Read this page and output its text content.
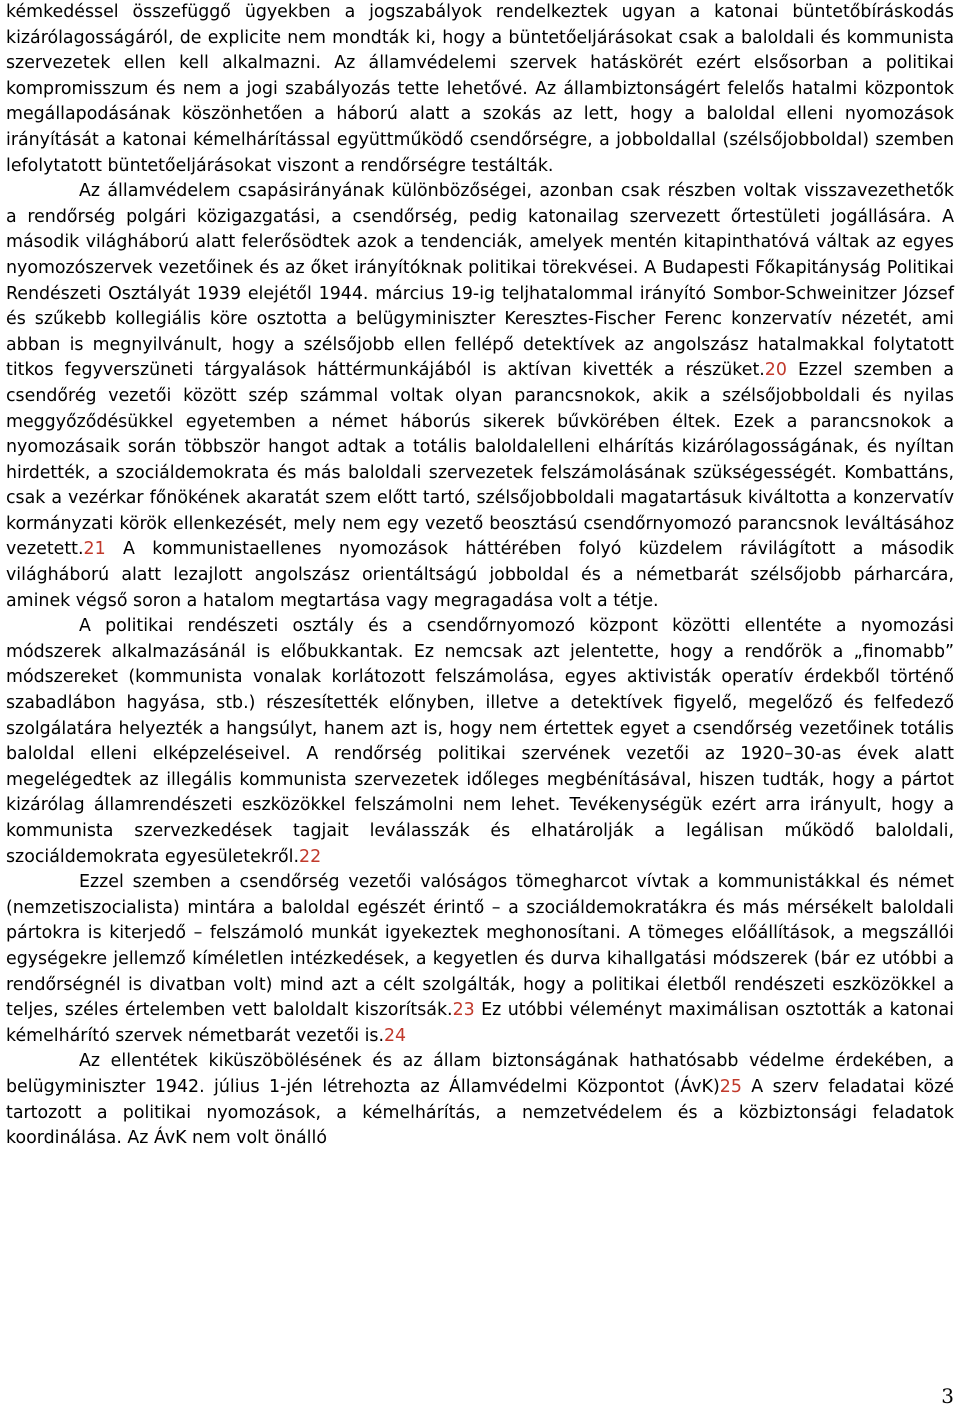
kémkedéssel összefüggő ügyekben a jogszabályok rendelkeztek ugyan a katonai büntetőbíráskodás kizárólagosságáról, de explicite nem mondták ki, hogy a büntetőeljárásokat csak a baloldali és kommunista szervezetek ellen kell alkalmazni. Az államvédelemi szervek hatáskörét ezért elsősorban a politikai kompromisszum és nem a jogi szabályozás tette lehetővé. Az állambiztonságért felelős hatalmi központok megállapodásának köszönhetően a háború alatt a szokás az lett, hogy a baloldal elleni nyomozások irányítását a katonai kémelhárítással együttműködő csendőrségre, a jobboldallal (szélsőjobboldal) szemben lefolytatott büntetőeljárásokat viszont a rendőrségre testálták.

Az államvédelem csapásirányának különbözőségei, azonban csak részben voltak visszavezethetők a rendőrség polgári közigazgatási, a csendőrség, pedig katonailag szervezett őrtestületi jogállására. A második világháború alatt felerősödtek azok a tendenciák, amelyek mentén kitapinthatóvá váltak az egyes nyomozószervek vezetőinek és az őket irányítóknak politikai törekvései. A Budapesti Főkapitányság Politikai Rendészeti Osztályát 1939 elejétől 1944. március 19-ig teljhatalommal irányító Sombor-Schweinitzer József és szűkebb kollegiális köre osztotta a belügyminiszter Keresztes-Fischer Ferenc konzervatív nézetét, ami abban is megnyilvánult, hogy a szélsőjobb ellen fellépő detektívek az angolszász hatalmakkal folytatott titkos fegyverszüneti tárgyalások háttérmunkájából is aktívan kivették a részüket.20 Ezzel szemben a csendőrég vezetői között szép számmal voltak olyan parancsnokok, akik a szélsőjobboldali és nyilas meggyőződésükkel egyetemben a német háborús sikerek bűvkörében éltek. Ezek a parancsnokok a nyomozásaik során többször hangot adtak a totális baloldalelleni elhárítás kizárólagosságának, és nyíltan hirdették, a szociáldemokrata és más baloldali szervezetek felszámolásának szükségességét. Kombattáns, csak a vezérkar főnökének akaratát szem előtt tartó, szélsőjobboldali magatartásuk kiváltotta a konzervatív kormányzati körök ellenkezését, mely nem egy vezető beosztású csendőrnyomozó parancsnok leváltásához vezetett.21 A kommunistaellenes nyomozások háttérében folyó küzdelem rávilágított a második világháború alatt lezajlott angolszász orientáltságú jobboldal és a németbarát szélsőjobb párharcára, aminek végső soron a hatalom megtartása vagy megragadása volt a tétje.

A politikai rendészeti osztály és a csendőrnyomozó központ közötti ellentéte a nyomozási módszerek alkalmazásánál is előbukkantak. Ez nemcsak azt jelentette, hogy a rendőrök a „finomabb” módszereket (kommunista vonalak korlátozott felszámolása, egyes aktivisták operatív érdekből történő szabadlábon hagyása, stb.) részesítették előnyben, illetve a detektívek figyelő, megelőző és felfedező szolgálatára helyezték a hangsúlyt, hanem azt is, hogy nem értettek egyet a csendőrség vezetőinek totális baloldal elleni elképzeléseivel. A rendőrség politikai szervének vezetői az 1920–30-as évek alatt megelégedtek az illegális kommunista szervezetek időleges megbénításával, hiszen tudták, hogy a pártot kizárólag államrendészeti eszközökkel felszámolni nem lehet. Tevékenységük ezért arra irányult, hogy a kommunista szervezkedések tagjait leválasszák és elhatárolják a legálisan működő baloldali, szociáldemokrata egyesületekről.22

Ezzel szemben a csendőrség vezetői valóságos tömegharcot vívtak a kommunistákkal és német (nemzetiszocialista) mintára a baloldal egészét érintő – a szociáldemokratákra és más mérsékelt baloldali pártokra is kiterjedő – felszámoló munkát igyekeztek meghonosítani. A tömeges előállítások, a megszállói egységekre jellemző kíméletlen intézkedések, a kegyetlen és durva kihallgatási módszerek (bár ez utóbbi a rendőrségnél is divatban volt) mind azt a célt szolgálták, hogy a politikai életből rendészeti eszközökkel a teljes, széles értelemben vett baloldalt kiszorítsák.23 Ez utóbbi véleményt maximálisan osztották a katonai kémelhárító szervek németbarát vezetői is.24

Az ellentétek kiküszöbölésének és az állam biztonságának hathatósabb védelme érdekében, a belügyminiszter 1942. július 1-jén létrehozta az Államvédelmi Központot (ÁvK)25 A szerv feladatai közé tartozott a politikai nyomozások, a kémelhárítás, a nemzetvédelem és a közbiztonsági feladatok koordinálása. Az ÁvK nem volt önálló

3
